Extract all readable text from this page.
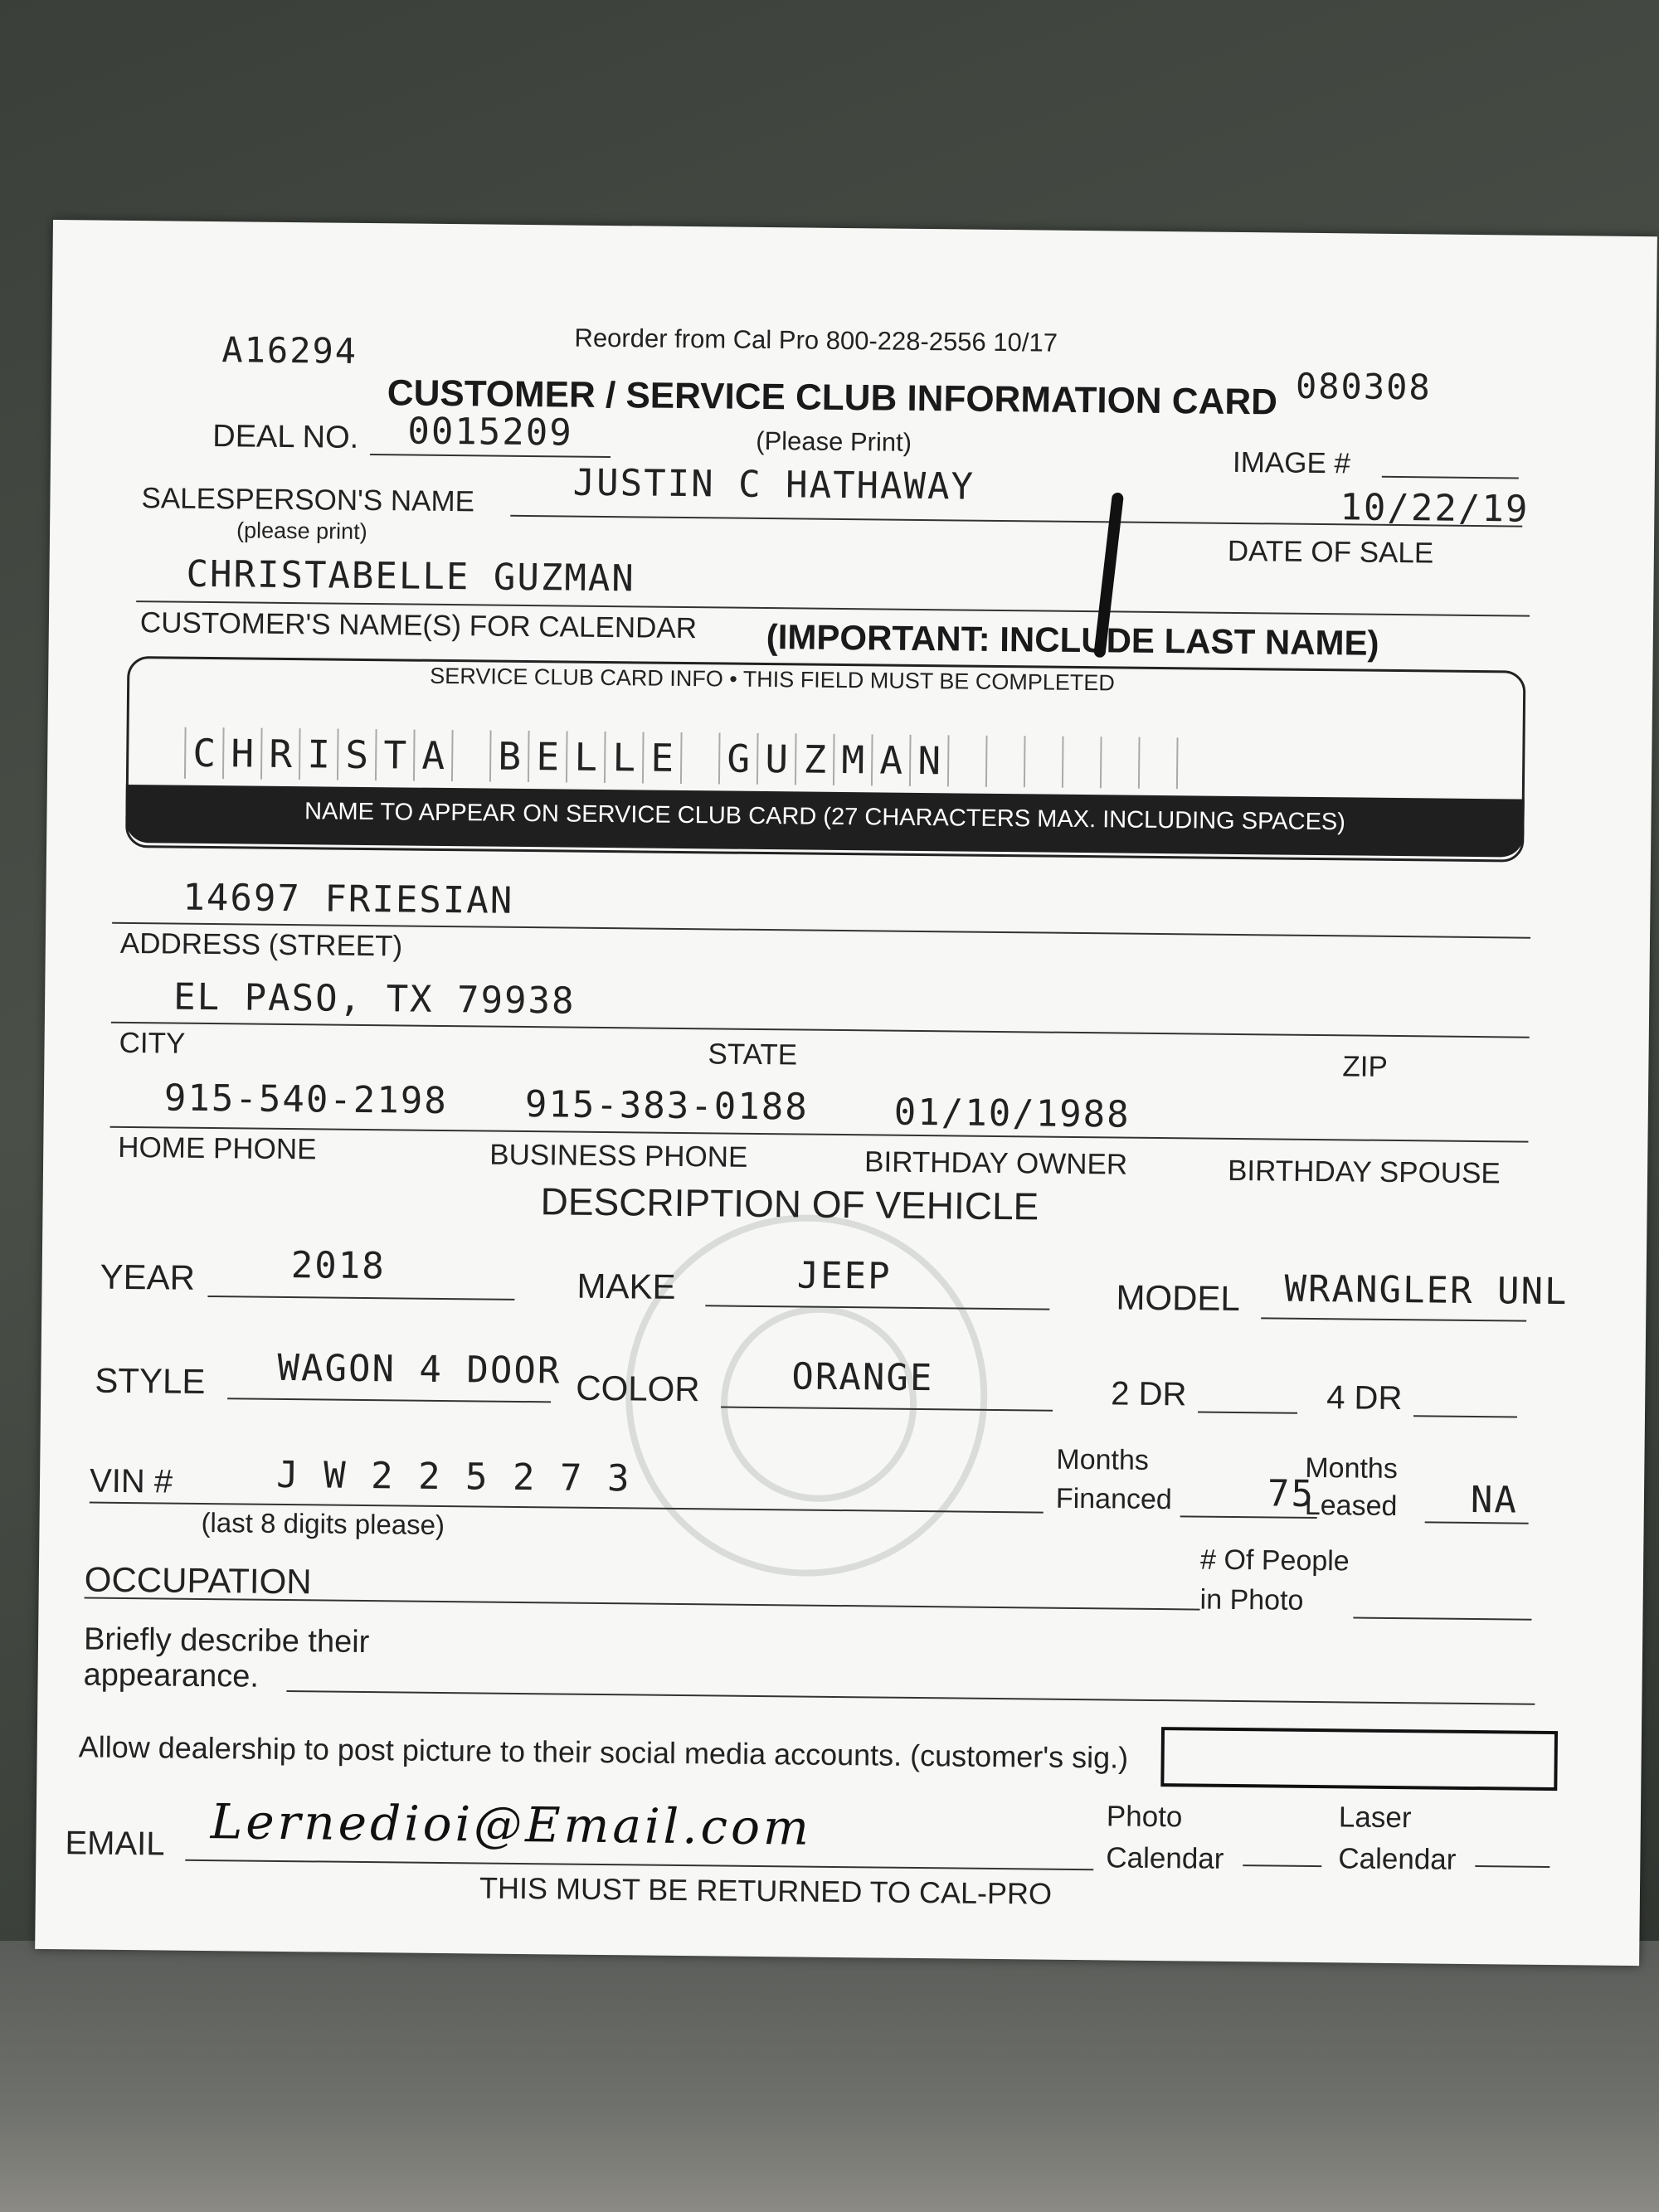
A16294	Reorder from Cal Pro 800-228-2556 10/17
080308
CUSTOMER / SERVICE CLUB INFORMATION CARD
(Please Print)
DEAL NO. 0015209
IMAGE #
SALESPERSON'S NAME
(please print)
JUSTIN C HATHAWAY
10/22/19
DATE OF SALE
CHRISTABELLE GUZMAN
CUSTOMER'S NAME(S) FOR CALENDAR (IMPORTANT: INCLUDE LAST NAME)
SERVICE CLUB CARD INFO • THIS FIELD MUST BE COMPLETED
C H R I S T A B E L L E G U Z M A N
NAME TO APPEAR ON SERVICE CLUB CARD (27 CHARACTERS MAX. INCLUDING SPACES)
14697 FRIESIAN
ADDRESS (STREET)
EL PASO, TX 79938
CITY	STATE	ZIP
915-540-2198 915-383-0188 01/10/1988
HOME PHONE	BUSINESS PHONE	BIRTHDAY OWNER	BIRTHDAY SPOUSE
DESCRIPTION OF VEHICLE
YEAR	2018	MAKE	JEEP
MODEL WRANGLER UNL
STYLE WAGON 4 DOOR COLOR	ORANGE	2 DR	4 DR
VIN #	J W 2 2 5 2 7 3
(last 8 digits please)
Months
Financed	75
Months
Leased NA
OCCUPATION	# Of People
in Photo
Briefly describe their
appearance.
Allow dealership to post picture to their social media accounts. (customer's sig.)
EMAIL Lernedioi@Email.com
THIS MUST BE RETURNED TO CAL-PRO
Photo
Calendar
Laser
Calendar
